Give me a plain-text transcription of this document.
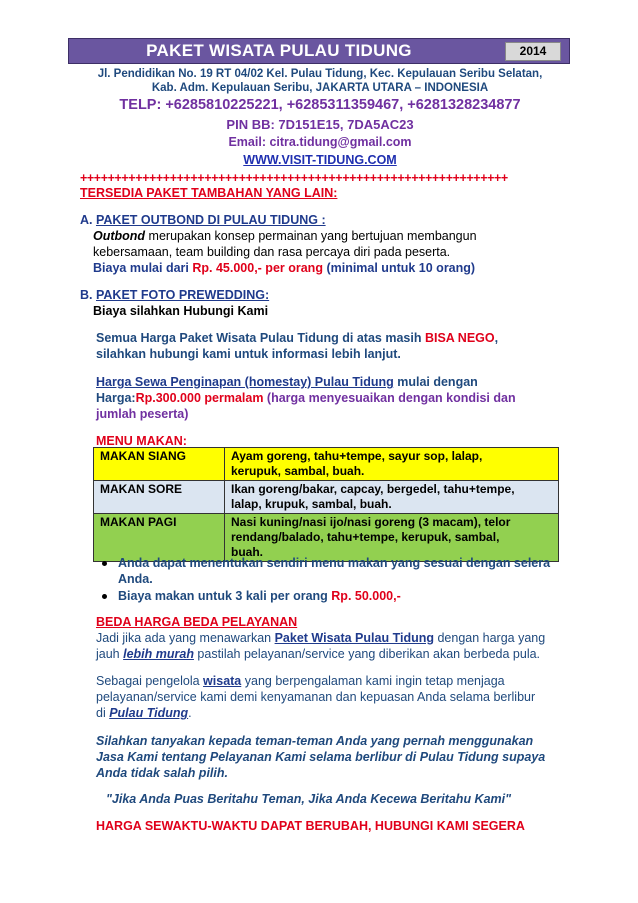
PAKET WISATA PULAU TIDUNG	2014
Jl. Pendidikan No. 19 RT 04/02 Kel. Pulau Tidung, Kec. Kepulauan Seribu Selatan,
Kab. Adm. Kepulauan Seribu, JAKARTA UTARA – INDONESIA
TELP: +6285810225221, +6285311359467, +6281328234877
PIN BB: 7D151E15, 7DA5AC23
Email: citra.tidung@gmail.com
WWW.VISIT-TIDUNG.COM
++++++++++++++++++++++++++++++++++++++++++++++++++++++++++++++
TERSEDIA PAKET TAMBAHAN YANG LAIN:
A. PAKET OUTBOND DI PULAU TIDUNG :
Outbond merupakan konsep permainan yang bertujuan membangun
kebersamaan, team building dan rasa percaya diri pada peserta.
Biaya mulai dari Rp. 45.000,- per orang (minimal untuk 10 orang)
B. PAKET FOTO PREWEDDING:
Biaya silahkan Hubungi Kami
Semua Harga Paket Wisata Pulau Tidung di atas masih BISA NEGO,
silahkan hubungi kami untuk informasi lebih lanjut.
Harga Sewa Penginapan (homestay) Pulau Tidung mulai dengan
Harga:Rp.300.000 permalam (harga menyesuaikan dengan kondisi dan
jumlah peserta)
MENU MAKAN:
MAKAN SIANG	Ayam goreng, tahu+tempe, sayur sop, lalap,
kerupuk, sambal, buah.

MAKAN SORE	Ikan goreng/bakar, capcay, bergedel, tahu+tempe,
lalap, krupuk, sambal, buah.

MAKAN PAGI	Nasi kuning/nasi ijo/nasi goreng (3 macam), telor
rendang/balado, tahu+tempe, kerupuk, sambal,
buah.
Anda dapat menentukan sendiri menu makan yang sesuai dengan selera
Anda.
Biaya makan untuk 3 kali per orang Rp. 50.000,-
BEDA HARGA BEDA PELAYANAN
Jadi jika ada yang menawarkan Paket Wisata Pulau Tidung dengan harga yang
jauh lebih murah pastilah pelayanan/service yang diberikan akan berbeda pula.
Sebagai pengelola wisata yang berpengalaman kami ingin tetap menjaga
pelayanan/service kami demi kenyamanan dan kepuasan Anda selama berlibur
di Pulau Tidung.
Silahkan tanyakan kepada teman-teman Anda yang pernah menggunakan
Jasa Kami tentang Pelayanan Kami selama berlibur di Pulau Tidung supaya
Anda tidak salah pilih.
"Jika Anda Puas Beritahu Teman, Jika Anda Kecewa Beritahu Kami"
HARGA SEWAKTU-WAKTU DAPAT BERUBAH, HUBUNGI KAMI SEGERA
